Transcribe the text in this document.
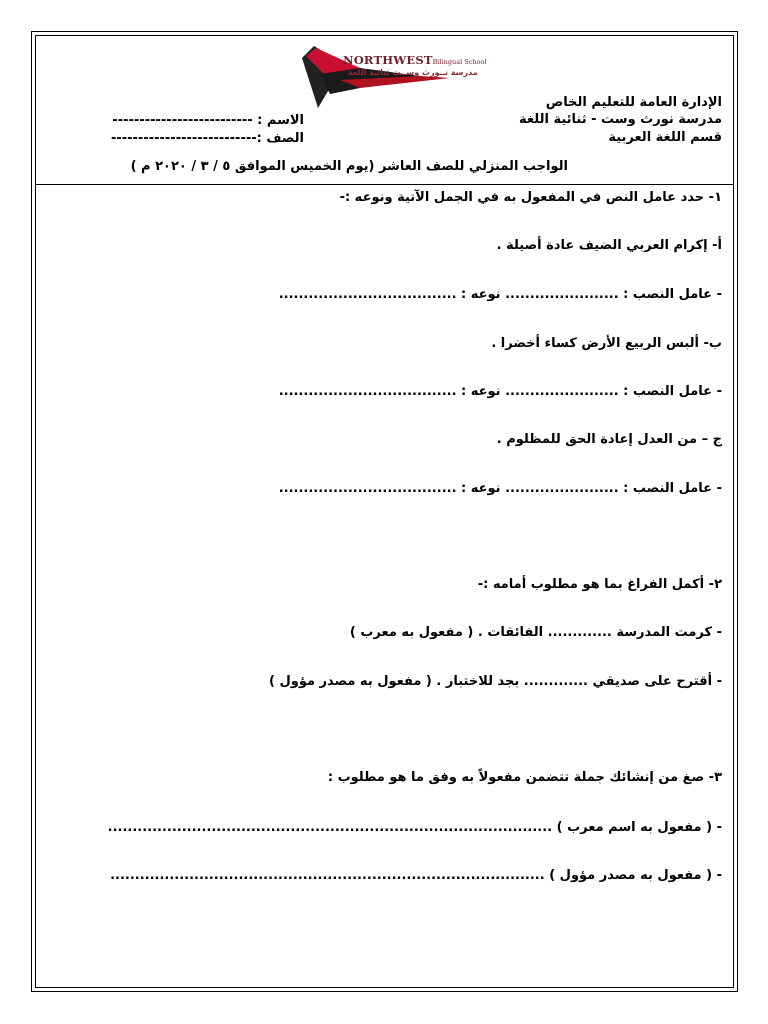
NORTHWESTBilingual School
مدرسة نــورث وســت ثنائية اللغة
الإدارة العامة للتعليم الخاص
مدرسة نورث وست - ثنائية اللغة
قسم اللغة العربية
الاسم : --------------------------
الصف :---------------------------
الواجب المنزلي للصف العاشر (يوم الخميس الموافق ٥ / ٣ / ٢٠٢٠ م )
١- حدد عامل النص في المفعول به في الجمل الآتية ونوعه :-
أ- إكرام العربي الضيف عادة أصيلة .
- عامل النصب : ....................... نوعه : ....................................
ب- ألبس الربيع الأرض كساء أخضرا .
- عامل النصب : ....................... نوعه : ....................................
ج – من العدل إعادة الحق للمظلوم .
- عامل النصب : ....................... نوعه : ....................................
٢- أكمل الفراغ بما هو مطلوب أمامه :-
- كرمت المدرسة ............. الفائقات . ( مفعول به معرب )
- أقترح على صديقي ............. بجد للاختبار . ( مفعول به مصدر مؤول )
٣- صغ من إنشائك جملة تتضمن مفعولاً به وفق ما هو مطلوب :
- ( مفعول به اسم معرب ) ..........................................................................................
- ( مفعول به مصدر مؤول ) ........................................................................................
